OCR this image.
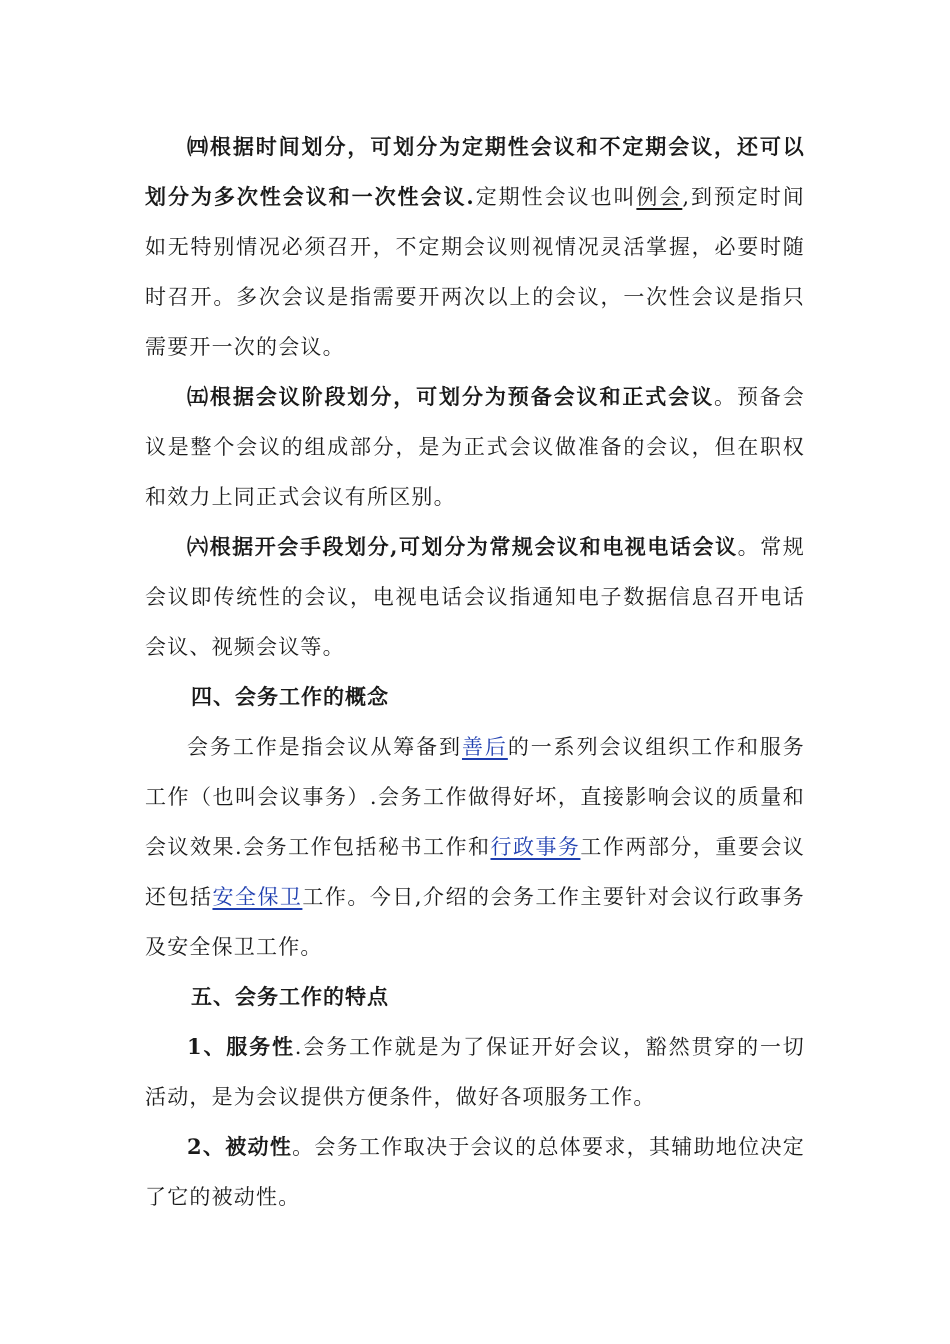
㈣根据时间划分，可划分为定期性会议和不定期会议，还可以划分为多次性会议和一次性会议.定期性会议也叫例会,到预定时间如无特别情况必须召开，不定期会议则视情况灵活掌握，必要时随时召开。多次会议是指需要开两次以上的会议，一次性会议是指只需要开一次的会议。

㈤根据会议阶段划分，可划分为预备会议和正式会议。预备会议是整个会议的组成部分，是为正式会议做准备的会议，但在职权和效力上同正式会议有所区别。

㈥根据开会手段划分,可划分为常规会议和电视电话会议。常规会议即传统性的会议，电视电话会议指通知电子数据信息召开电话会议、视频会议等。

四、会务工作的概念

会务工作是指会议从筹备到善后的一系列会议组织工作和服务工作（也叫会议事务）.会务工作做得好坏，直接影响会议的质量和会议效果.会务工作包括秘书工作和行政事务工作两部分，重要会议还包括安全保卫工作。今日,介绍的会务工作主要针对会议行政事务及安全保卫工作。

五、会务工作的特点

1、服务性.会务工作就是为了保证开好会议，豁然贯穿的一切活动，是为会议提供方便条件，做好各项服务工作。

2、被动性。会务工作取决于会议的总体要求，其辅助地位决定了它的被动性。
